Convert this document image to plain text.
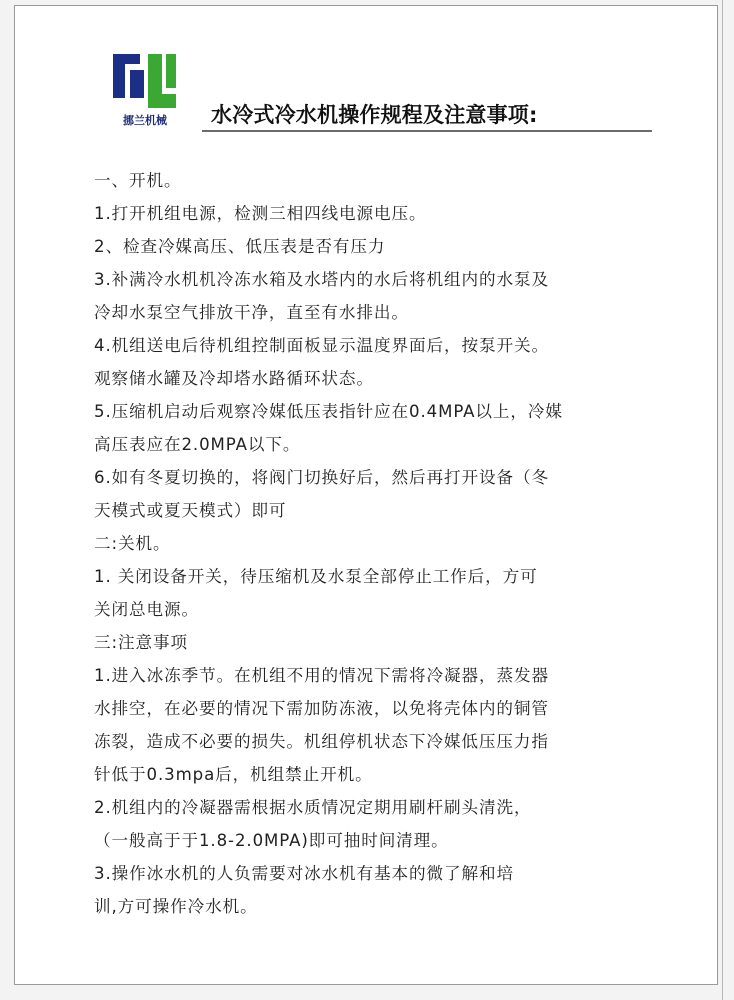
挪兰机械	水冷式冷水机操作规程及注意事项:
一、开机。
1.打开机组电源，检测三相四线电源电压。
2、检查冷媒高压、低压表是否有压力
3.补满冷水机机冷冻水箱及水塔内的水后将机组内的水泵及
冷却水泵空气排放干净，直至有水排出。
4.机组送电后待机组控制面板显示温度界面后，按泵开关。
观察储水罐及冷却塔水路循环状态。
5.压缩机启动后观察冷媒低压表指针应在0.4MPA以上，冷媒
高压表应在2.0MPA以下。
6.如有冬夏切换的，将阀门切换好后，然后再打开设备（冬
天模式或夏天模式）即可
二:关机。
1. 关闭设备开关，待压缩机及水泵全部停止工作后，方可
关闭总电源。
三:注意事项
1.进入冰冻季节。在机组不用的情况下需将冷凝器，蒸发器
水排空，在必要的情况下需加防冻液，以免将壳体内的铜管
冻裂，造成不必要的损失。机组停机状态下冷媒低压压力指
针低于0.3mpa后，机组禁止开机。
2.机组内的冷凝器需根据水质情况定期用刷杆刷头清洗，
（一般高于于1.8-2.0MPA)即可抽时间清理。
3.操作冰水机的人负需要对冰水机有基本的微了解和培
训,方可操作冷水机。
